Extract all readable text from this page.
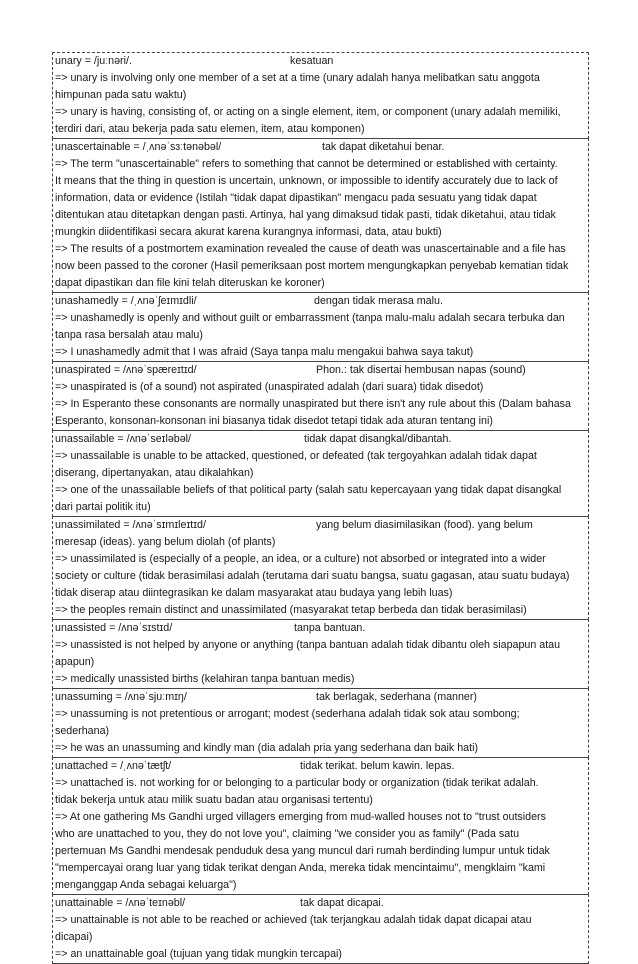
unary = /juːnəri/.	kesatuan
=> unary is involving only one member of a set at a time (unary adalah hanya melibatkan satu anggota
himpunan pada satu waktu)
=> unary is having, consisting of, or acting on a single element, item, or component (unary adalah memiliki,
terdiri dari, atau bekerja pada satu elemen, item, atau komponen)
unascertainable = /ˌʌnəˈsɜːtənəbəl/	tak dapat diketahui benar.
=> The term "unascertainable" refers to something that cannot be determined or established with certainty.
It means that the thing in question is uncertain, unknown, or impossible to identify accurately due to lack of
information, data or evidence (Istilah "tidak dapat dipastikan" mengacu pada sesuatu yang tidak dapat
ditentukan atau ditetapkan dengan pasti. Artinya, hal yang dimaksud tidak pasti, tidak diketahui, atau tidak
mungkin diidentifikasi secara akurat karena kurangnya informasi, data, atau bukti)
=> The results of a postmortem examination revealed the cause of death was unascertainable and a file has
now been passed to the coroner (Hasil pemeriksaan post mortem mengungkapkan penyebab kematian tidak
dapat dipastikan dan file kini telah diteruskan ke koroner)
unashamedly = /ˌʌnəˈʃeɪmɪdli/	dengan tidak merasa malu.
=> unashamedly is openly and without guilt or embarrassment (tanpa malu-malu adalah secara terbuka dan
tanpa rasa bersalah atau malu)
=> I unashamedly admit that I was afraid (Saya tanpa malu mengakui bahwa saya takut)
unaspirated = /ʌnəˈspæreɪtɪd/	Phon.: tak disertai hembusan napas (sound)
=> unaspirated is (of a sound) not aspirated (unaspirated adalah (dari suara) tidak disedot)
=> In Esperanto these consonants are normally unaspirated but there isn't any rule about this (Dalam bahasa
Esperanto, konsonan-konsonan ini biasanya tidak disedot tetapi tidak ada aturan tentang ini)
unassailable = /ʌnəˈseɪləbəl/	tidak dapat disangkal/dibantah.
=> unassailable is unable to be attacked, questioned, or defeated (tak tergoyahkan adalah tidak dapat
diserang, dipertanyakan, atau dikalahkan)
=> one of the unassailable beliefs of that political party (salah satu kepercayaan yang tidak dapat disangkal
dari partai politik itu)
unassimilated = /ʌnəˈsɪmɪleɪtɪd/	yang belum diasimilasikan (food). yang belum
meresap (ideas). yang belum diolah (of plants)
=> unassimilated is (especially of a people, an idea, or a culture) not absorbed or integrated into a wider
society or culture (tidak berasimilasi adalah (terutama dari suatu bangsa, suatu gagasan, atau suatu budaya)
tidak diserap atau diintegrasikan ke dalam masyarakat atau budaya yang lebih luas)
=> the peoples remain distinct and unassimilated (masyarakat tetap berbeda dan tidak berasimilasi)
unassisted = /ʌnəˈsɪstɪd/	tanpa bantuan.
=> unassisted is not helped by anyone or anything (tanpa bantuan adalah tidak dibantu oleh siapapun atau
apapun)
=> medically unassisted births (kelahiran tanpa bantuan medis)
unassuming = /ʌnəˈsjuːmɪŋ/	tak berlagak, sederhana (manner)
=> unassuming is not pretentious or arrogant; modest (sederhana adalah tidak sok atau sombong;
sederhana)
=> he was an unassuming and kindly man (dia adalah pria yang sederhana dan baik hati)
unattached = /ˌʌnəˈtætʃt/	tidak terikat. belum kawin. lepas.
=> unattached is. not working for or belonging to a particular body or organization (tidak terikat adalah.
tidak bekerja untuk atau milik suatu badan atau organisasi tertentu)
=> At one gathering Ms Gandhi urged villagers emerging from mud-walled houses not to "trust outsiders
who are unattached to you, they do not love you", claiming "we consider you as family" (Pada satu
pertemuan Ms Gandhi mendesak penduduk desa yang muncul dari rumah berdinding lumpur untuk tidak
"mempercayai orang luar yang tidak terikat dengan Anda, mereka tidak mencintaimu", mengklaim "kami
menganggap Anda sebagai keluarga")
unattainable = /ʌnəˈteɪnəbl/	tak dapat dicapai.
=> unattainable is not able to be reached or achieved (tak terjangkau adalah tidak dapat dicapai atau
dicapai)
=> an unattainable goal (tujuan yang tidak mungkin tercapai)
